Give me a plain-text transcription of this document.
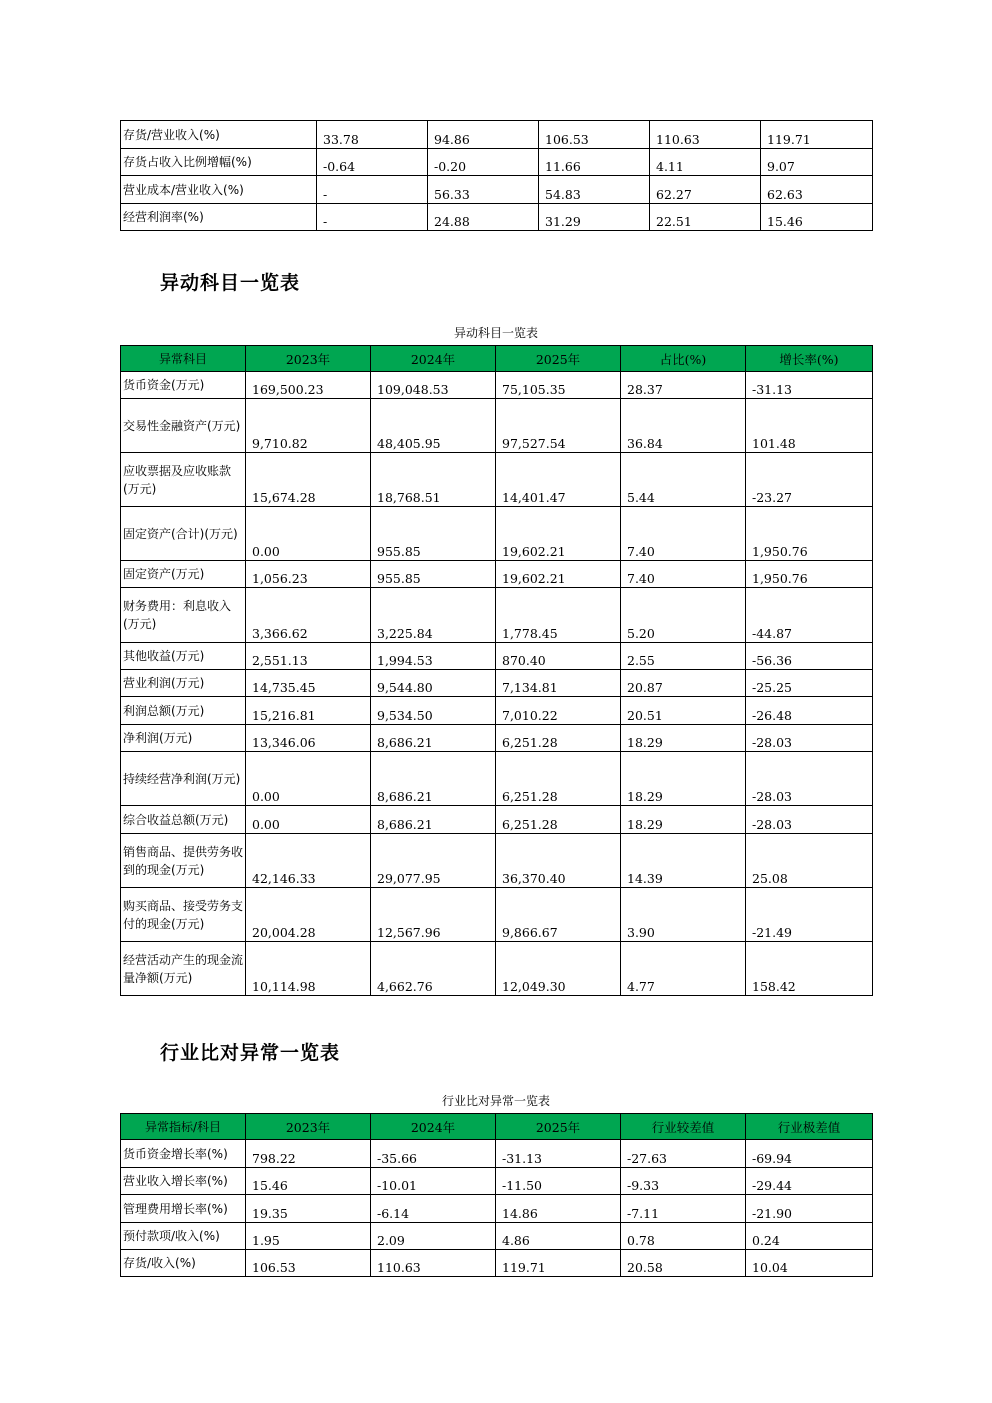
存货/营业收入(%)	33.78	94.86	106.53	110.63	119.71
存货占收入比例增幅(%)	-0.64	-0.20	11.66	4.11	9.07
营业成本/营业收入(%)	-	56.33	54.83	62.27	62.63
经营利润率(%)	-	24.88	31.29	22.51	15.46
异动科目一览表
异动科目一览表
异常科目	2023年	2024年	2025年	占比(%)	增长率(%)
货币资金(万元)	169,500.23	109,048.53	75,105.35	28.37	-31.13
交易性金融资产(万元)	9,710.82	48,405.95	97,527.54	36.84	101.48
应收票据及应收账款(万元)	15,674.28	18,768.51	14,401.47	5.44	-23.27
固定资产(合计)(万元)	0.00	955.85	19,602.21	7.40	1,950.76
固定资产(万元)	1,056.23	955.85	19,602.21	7.40	1,950.76
财务费用：利息收入(万元)	3,366.62	3,225.84	1,778.45	5.20	-44.87
其他收益(万元)	2,551.13	1,994.53	870.40	2.55	-56.36
营业利润(万元)	14,735.45	9,544.80	7,134.81	20.87	-25.25
利润总额(万元)	15,216.81	9,534.50	7,010.22	20.51	-26.48
净利润(万元)	13,346.06	8,686.21	6,251.28	18.29	-28.03
持续经营净利润(万元)	0.00	8,686.21	6,251.28	18.29	-28.03
综合收益总额(万元)	0.00	8,686.21	6,251.28	18.29	-28.03
销售商品、提供劳务收到的现金(万元)	42,146.33	29,077.95	36,370.40	14.39	25.08
购买商品、接受劳务支付的现金(万元)	20,004.28	12,567.96	9,866.67	3.90	-21.49
经营活动产生的现金流量净额(万元)	10,114.98	4,662.76	12,049.30	4.77	158.42
行业比对异常一览表
行业比对异常一览表
异常指标/科目	2023年	2024年	2025年	行业较差值	行业极差值
货币资金增长率(%)	798.22	-35.66	-31.13	-27.63	-69.94
营业收入增长率(%)	15.46	-10.01	-11.50	-9.33	-29.44
管理费用增长率(%)	19.35	-6.14	14.86	-7.11	-21.90
预付款项/收入(%)	1.95	2.09	4.86	0.78	0.24
存货/收入(%)	106.53	110.63	119.71	20.58	10.04
